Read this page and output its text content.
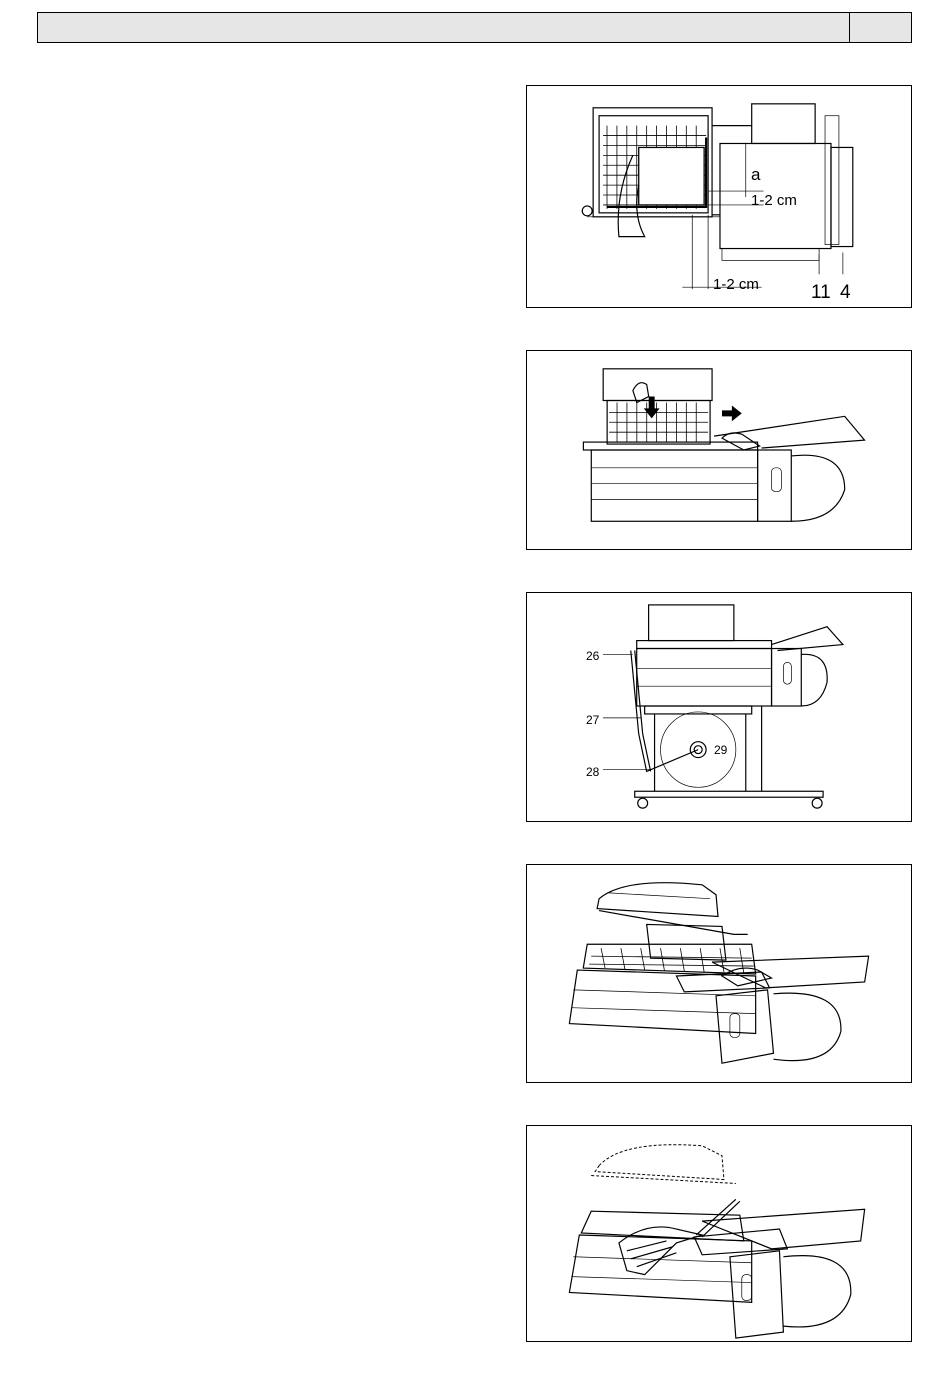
a
1-2 cm
1-2 cm	11 4
26
27
28
29
